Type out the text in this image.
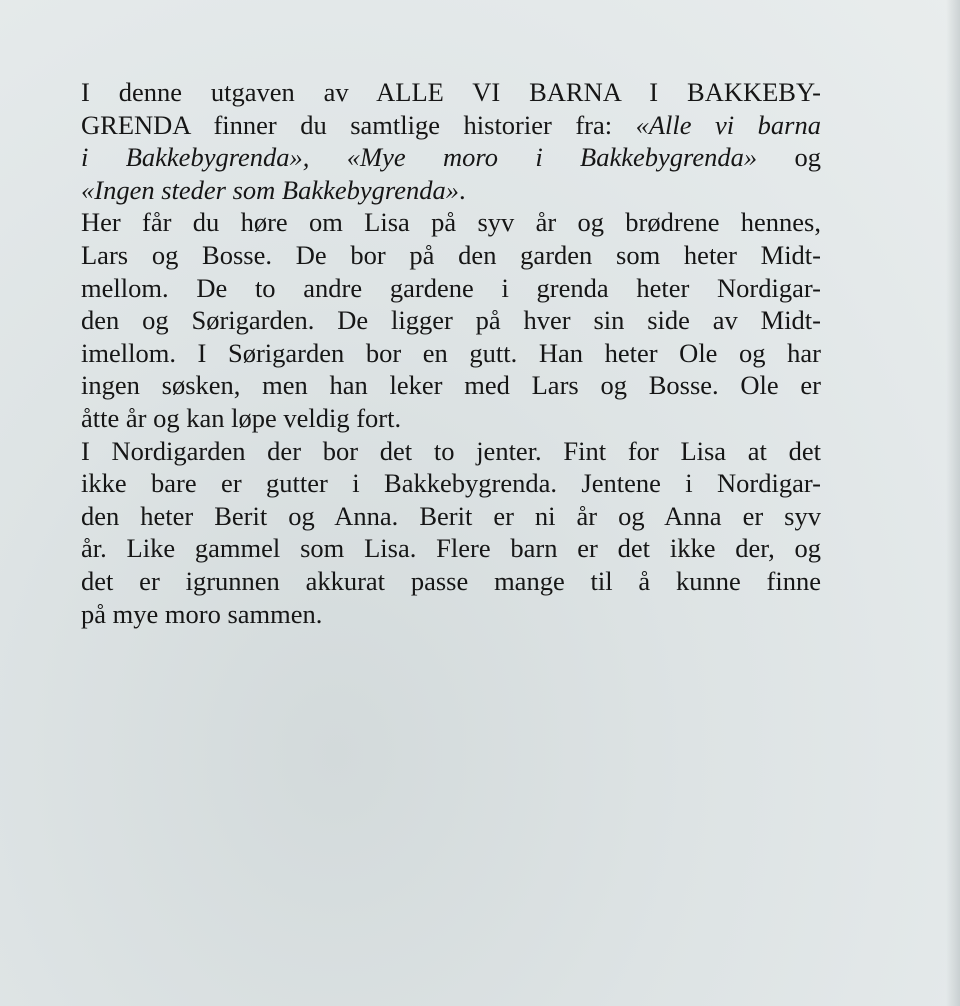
I denne utgaven av ALLE VI BARNA I BAKKEBY-
GRENDA finner du samtlige historier fra: «Alle vi barna
i Bakkebygrenda», «Mye moro i Bakkebygrenda» og
«Ingen steder som Bakkebygrenda».
Her får du høre om Lisa på syv år og brødrene hennes,
Lars og Bosse. De bor på den garden som heter Midt-
mellom. De to andre gardene i grenda heter Nordigar-
den og Sørigarden. De ligger på hver sin side av Midt-
imellom. I Sørigarden bor en gutt. Han heter Ole og har
ingen søsken, men han leker med Lars og Bosse. Ole er
åtte år og kan løpe veldig fort.
I Nordigarden der bor det to jenter. Fint for Lisa at det
ikke bare er gutter i Bakkebygrenda. Jentene i Nordigar-
den heter Berit og Anna. Berit er ni år og Anna er syv
år. Like gammel som Lisa. Flere barn er det ikke der, og
det er igrunnen akkurat passe mange til å kunne finne
på mye moro sammen.
